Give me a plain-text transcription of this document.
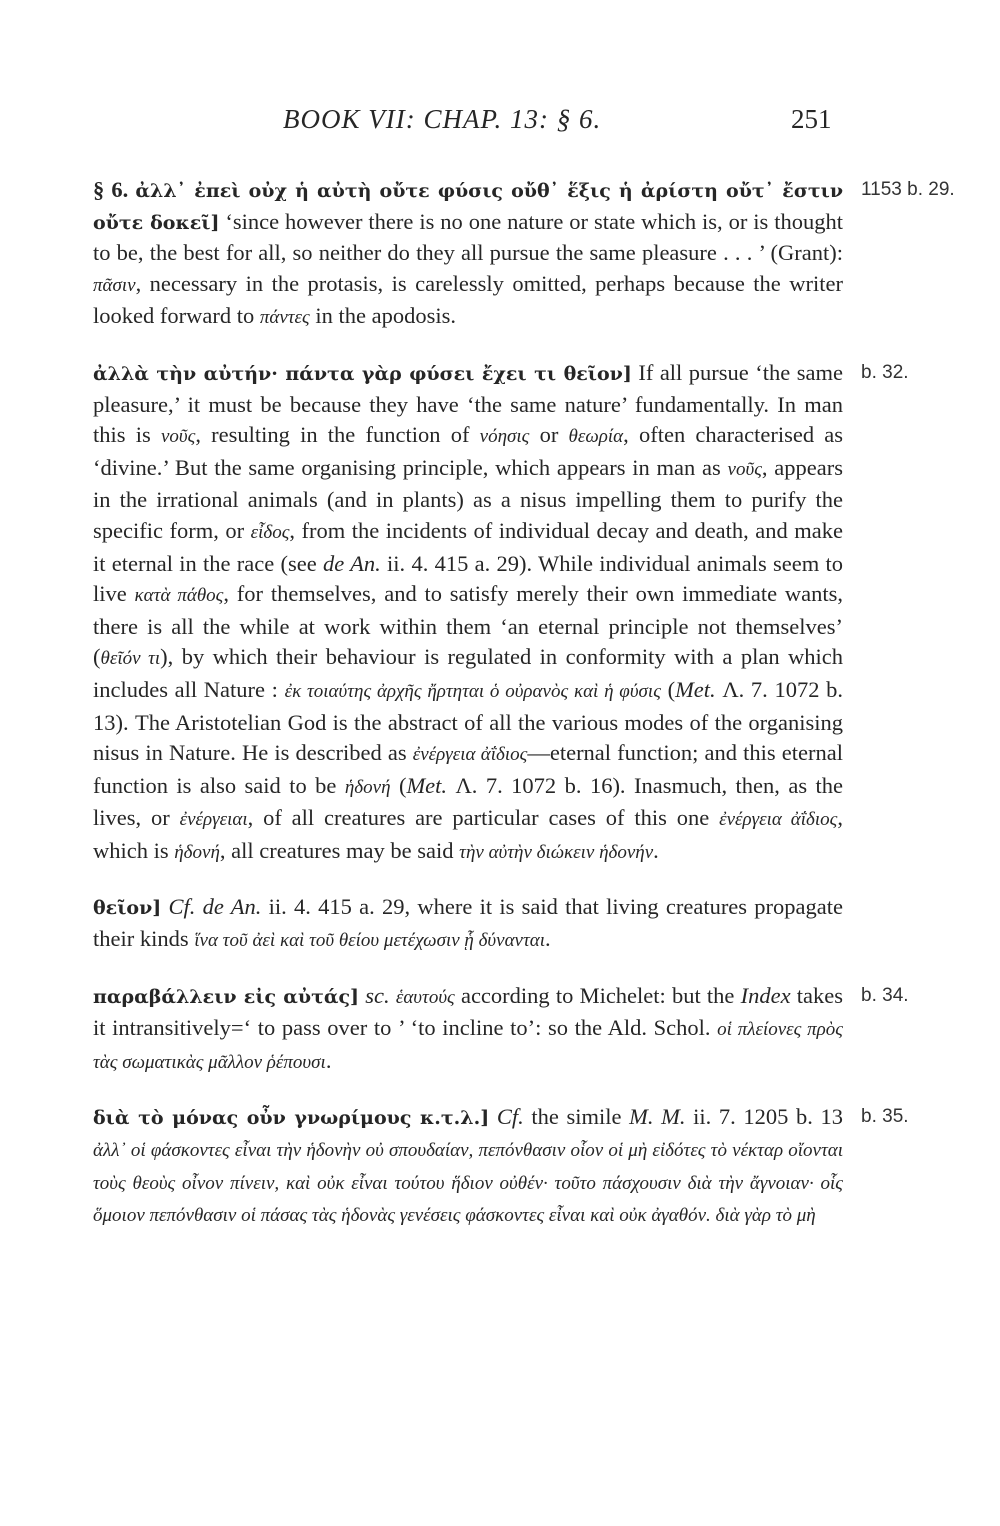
BOOK VII: CHAP. 13: § 6.	251

1153 b. 29.
§ 6. ἀλλ᾽ ἐπεὶ οὐχ ἡ αὐτὴ οὔτε φύσις οὔθ᾽ ἕξις ἡ ἀρίστη οὔτ᾽ ἔστιν οὔτε δοκεῖ] ‘since however there is no one nature or state which is, or is thought to be, the best for all, so neither do they all pursue the same pleasure . . . ’ (Grant): πᾶσιν, necessary in the protasis, is carelessly omitted, perhaps because the writer looked forward to πάντες in the apodosis.

b. 32.
ἀλλὰ τὴν αὐτήν· πάντα γὰρ φύσει ἔχει τι θεῖον] If all pursue ‘the same pleasure,’ it must be because they have ‘the same nature’ fundamentally. In man this is νοῦς, resulting in the function of νόησις or θεωρία, often characterised as ‘divine.’ But the same organising principle, which appears in man as νοῦς, appears in the irrational animals (and in plants) as a nisus impelling them to purify the specific form, or εἶδος, from the incidents of individual decay and death, and make it eternal in the race (see de An. ii. 4. 415 a. 29). While individual animals seem to live κατὰ πάθος, for themselves, and to satisfy merely their own immediate wants, there is all the while at work within them ‘an eternal principle not themselves’ (θεῖόν τι), by which their behaviour is regulated in conformity with a plan which includes all Nature : ἐκ τοιαύτης ἀρχῆς ἤρτηται ὁ οὐρανὸς καὶ ἡ φύσις (Met. Λ. 7. 1072 b. 13). The Aristotelian God is the abstract of all the various modes of the organising nisus in Nature. He is described as ἐνέργεια ἀΐδιος—eternal function; and this eternal function is also said to be ἡδονή (Met. Λ. 7. 1072 b. 16). Inasmuch, then, as the lives, or ἐνέργειαι, of all creatures are particular cases of this one ἐνέργεια ἀΐδιος, which is ἡδονή, all creatures may be said τὴν αὐτὴν διώκειν ἡδονήν.

θεῖον] Cf. de An. ii. 4. 415 a. 29, where it is said that living creatures propagate their kinds ἵνα τοῦ ἀεὶ καὶ τοῦ θείου μετέχωσιν ᾗ δύνανται.

b. 34.
παραβάλλειν εἰς αὐτάς] sc. ἑαυτούς according to Michelet: but the Index takes it intransitively=‘ to pass over to ’ ‘to incline to’: so the Ald. Schol. οἱ πλείονες πρὸς τὰς σωματικὰς μᾶλλον ῥέπουσι.

b. 35.
διὰ τὸ μόνας οὖν γνωρίμους κ.τ.λ.] Cf. the simile M. M. ii. 7. 1205 b. 13 ἀλλ᾽ οἱ φάσκοντες εἶναι τὴν ἡδονὴν οὐ σπουδαίαν, πεπόνθασιν οἷον οἱ μὴ εἰδότες τὸ νέκταρ οἴονται τοὺς θεοὺς οἶνον πίνειν, καὶ οὐκ εἶναι τούτου ἥδιον οὐθέν· τοῦτο πάσχουσιν διὰ τὴν ἄγνοιαν· οἷς ὅμοιον πεπόνθασιν οἱ πάσας τὰς ἡδονὰς γενέσεις φάσκοντες εἶναι καὶ οὐκ ἀγαθόν. διὰ γὰρ τὸ μὴ
